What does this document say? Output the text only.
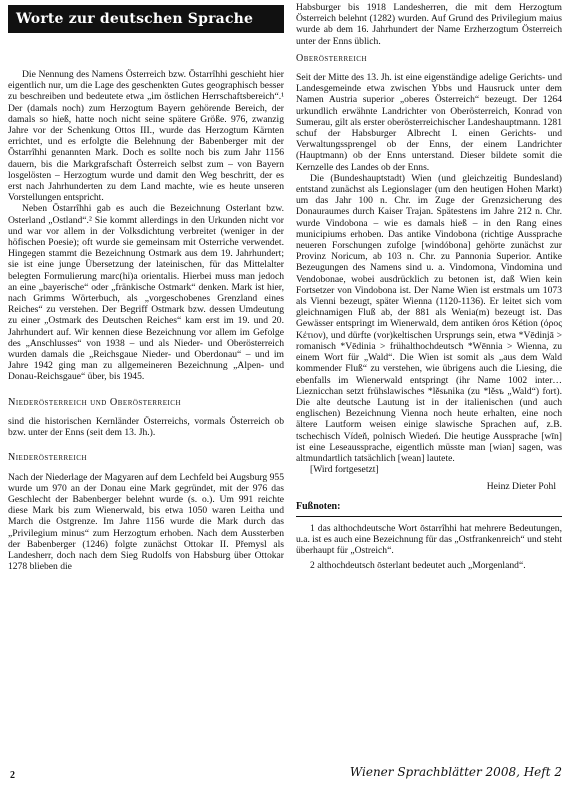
Worte zur deutschen Sprache

Die Nennung des Namens Österreich bzw. Ōstarrîhhi geschieht hier eigentlich nur, um die Lage des geschenkten Gutes geographisch besser zu beschreiben und bedeutete etwa „im östlichen Herrschaftsbereich“.¹ Der (damals noch) zum Herzogtum Bayern gehörende Bereich, der damals so hieß, hatte noch nicht seine spätere Größe. 976, zwanzig Jahre vor der Schenkung Ottos III., wurde das Herzogtum Kärnten errichtet, und es erfolgte die Belehnung der Babenberger mit der Ōstarrîhhi genannten Mark. Doch es sollte noch bis zum Jahr 1156 dauern, bis die Markgrafschaft Österreich selbst zum – von Bayern losgelösten – Herzogtum wurde und damit den Weg beschritt, der es erst nach Jahrhunderten zu dem Land machte, wie es heute unseren Vorstellungen entspricht.

Neben Ōstarrîhhi gab es auch die Bezeichnung Osterlant bzw. Osterland „Ostland“.² Sie kommt allerdings in den Urkunden nicht vor und war vor allem in der Volksdichtung verbreitet (weniger in der höfischen Poesie); oft wurde sie gemeinsam mit Osterriche verwendet. Hingegen stammt die Bezeichnung Ostmark aus dem 19. Jahrhundert; sie ist eine junge Übersetzung der lateinischen, für das Mittelalter belegten Formulierung marc(hi)a orientalis. Hierbei muss man jedoch an eine „bayerische“ oder „fränkische Ostmark“ denken. Mark ist hier, nach Grimms Wörterbuch, als „vorgeschobenes Grenzland eines Reiches“ zu verstehen. Der Begriff Ostmark bzw. dessen Umdeutung zu einer „Ostmark des Deutschen Reiches“ kam erst im 19. und 20. Jahrhundert auf. Wir kennen diese Bezeichnung vor allem im Gefolge des „Anschlusses“ von 1938 – und als Nieder- und Oberösterreich wurden damals die „Reichsgaue Nieder- und Oberdonau“ – und im Jahre 1942 ging man zu allgemeineren Bezeichnung „Alpen- und Donau-Reichsgaue“ über, bis 1945.

Niederösterreich und Oberösterreich

sind die historischen Kernländer Österreichs, vormals Österreich ob bzw. unter der Enns (seit dem 13. Jh.).

Niederösterreich

Nach der Niederlage der Magyaren auf dem Lechfeld bei Augsburg 955 wurde um 970 an der Donau eine Mark gegründet, mit der 976 das Geschlecht der Babenberger belehnt wurde (s. o.). Um 991 reichte diese Mark bis zum Wienerwald, bis etwa 1050 waren Leitha und March die Ostgrenze. Im Jahre 1156 wurde die Mark durch das „Privilegium minus“ zum Herzogtum erhoben. Nach dem Aussterben der Babenberger (1246) folgte zunächst Ottokar II. Přemysl als Landesherr, doch nach dem Sieg Rudolfs von Habsburg über Ottokar 1278 blieben die

Habsburger bis 1918 Landesherren, die mit dem Herzogtum Österreich belehnt (1282) wurden. Auf Grund des Privilegium maius wurde ab dem 16. Jahrhundert der Name Erzherzogtum Österreich unter der Enns üblich.

Oberösterreich

Seit der Mitte des 13. Jh. ist eine eigenständige adelige Gerichts- und Landesgemeinde etwa zwischen Ybbs und Hausruck unter dem Namen Austria superior „oberes Österreich“ bezeugt. Der 1264 urkundlich erwähnte Landrichter von Oberösterreich, Konrad von Sumerau, gilt als erster oberösterreichischer Landeshauptmann. 1281 schuf der Habsburger Albrecht I. einen Gerichts- und Verwaltungssprengel ob der Enns, der einem Landrichter (Hauptmann) ob der Enns unterstand. Dieser bildete somit die Kernzelle des Landes ob der Enns.

Die (Bundeshauptstadt) Wien (und gleichzeitig Bundesland) entstand zunächst als Legionslager (um den heutigen Hohen Markt) um das Jahr 100 n. Chr. im Zuge der Grenzsicherung des Donauraumes durch Kaiser Trajan. Spätestens im Jahre 212 n. Chr. wurde Vindobona – wie es damals hieß – in den Rang eines municipiums erhoben. Das antike Vindobona (richtige Aussprache neueren Forschungen zufolge [windóbona] gehörte zunächst zur Provinz Noricum, ab 103 n. Chr. zu Pannonia Superior. Antike Bezeugungen des Namens sind u. a. Vindomona, Vindomina und Vendobonae, wobei ausdrücklich zu betonen ist, daß Wien kein Fortsetzer von Vindobona ist. Der Name Wien ist erstmals um 1073 als Vienni bezeugt, später Wienna (1120-1136). Er leitet sich vom gleichnamigen Fluß ab, der 881 als Wenia(m) bezeugt ist. Das Gewässer entspringt im Wienerwald, dem antiken óros Kétion (όρος Κέτιον), und dürfte (vor)keltischen Ursprungs sein, etwa *Vēdinjā > romanisch *Vēdinia > frühalthochdeutsch *Wēnnia > Wienna, zu einem Wort für „Wald“. Die Wien ist somit als „aus dem Wald kommender Fluß“ zu verstehen, wie übrigens auch die Liesing, die ebenfalls im Wienerwald entspringt (ihr Name 1002 inter… Lieznicchan setzt frühslawisches *lěsьnika (zu *lěsъ „Wald“) fort). Die alte deutsche Lautung ist in der italienischen (und auch englischen) Bezeichnung Vienna noch heute erhalten, eine noch ältere Lautform weisen einige slawische Sprachen auf, z.B. tschechisch Vídeň, polnisch Wiedeń. Die heutige Aussprache [wīn] ist eine Leseaussprache, eigentlich müsste man [wiən] sagen, was altmundartlich tatsächlich [wean] lautete.

[Wird fortgesetzt]

Heinz Dieter Pohl

Fußnoten:

1 das althochdeutsche Wort ōstarrîhhi hat mehrere Bedeutungen, u.a. ist es auch eine Bezeichnung für das „Ostfrankenreich“ und steht überhaupt für „Ostreich“.

2 althochdeutsch ōsterlant bedeutet auch „Morgenland“.

2	Wiener Sprachblätter 2008, Heft 2
